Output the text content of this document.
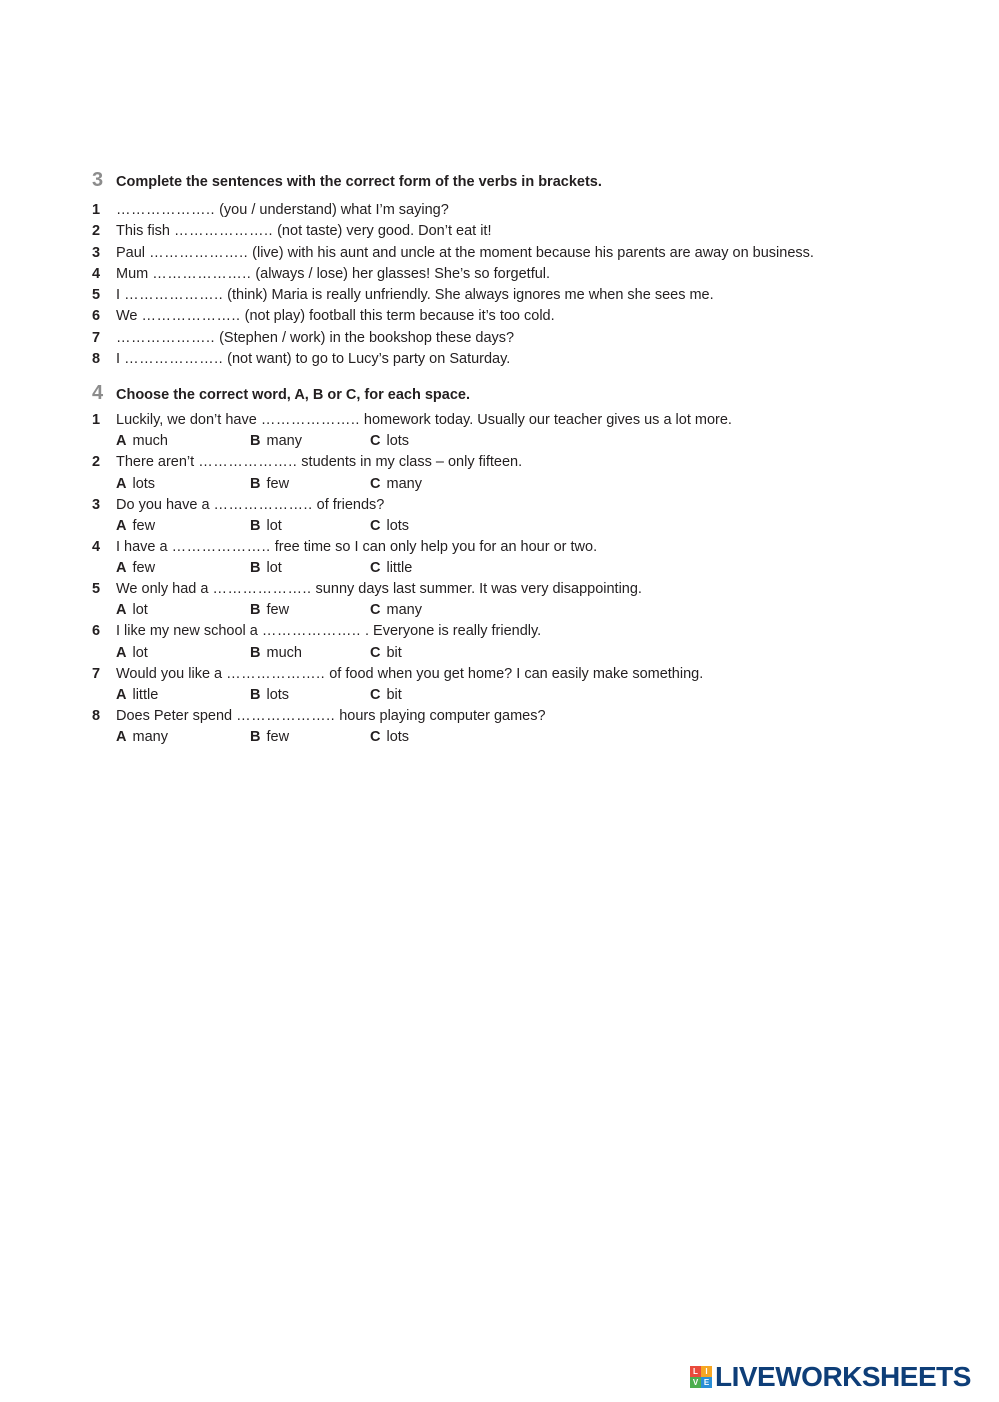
3 Complete the sentences with the correct form of the verbs in brackets.
1	……………….. (you / understand) what I’m saying?
2	This fish ……………….. (not taste) very good. Don’t eat it!
3	Paul ……………….. (live) with his aunt and uncle at the moment because his parents are away on business.
4	Mum ……………….. (always / lose) her glasses! She’s so forgetful.
5	I ……………….. (think) Maria is really unfriendly. She always ignores me when she sees me.
6	We ……………….. (not play) football this term because it’s too cold.
7	……………….. (Stephen / work) in the bookshop these days?
8	I ……………….. (not want) to go to Lucy’s party on Saturday.
4 Choose the correct word, A, B or C, for each space.
1	Luckily, we don’t have ……………….. homework today. Usually our teacher gives us a lot more.
A much	B many	C lots
2	There aren’t ……………….. students in my class – only fifteen.
A lots	B few	C many
3	Do you have a ……………….. of friends?
A few	B lot	C lots
4	I have a ……………….. free time so I can only help you for an hour or two.
A few	B lot	C little
5	We only had a ……………….. sunny days last summer. It was very disappointing.
A lot	B few	C many
6	I like my new school a ……………….. . Everyone is really friendly.
A lot	B much	C bit
7	Would you like a ……………….. of food when you get home? I can easily make something.
A little	B lots	C bit
8	Does Peter spend ……………….. hours playing computer games?
A many	B few	C lots
L I
V E LIVEWORKSHEETS
